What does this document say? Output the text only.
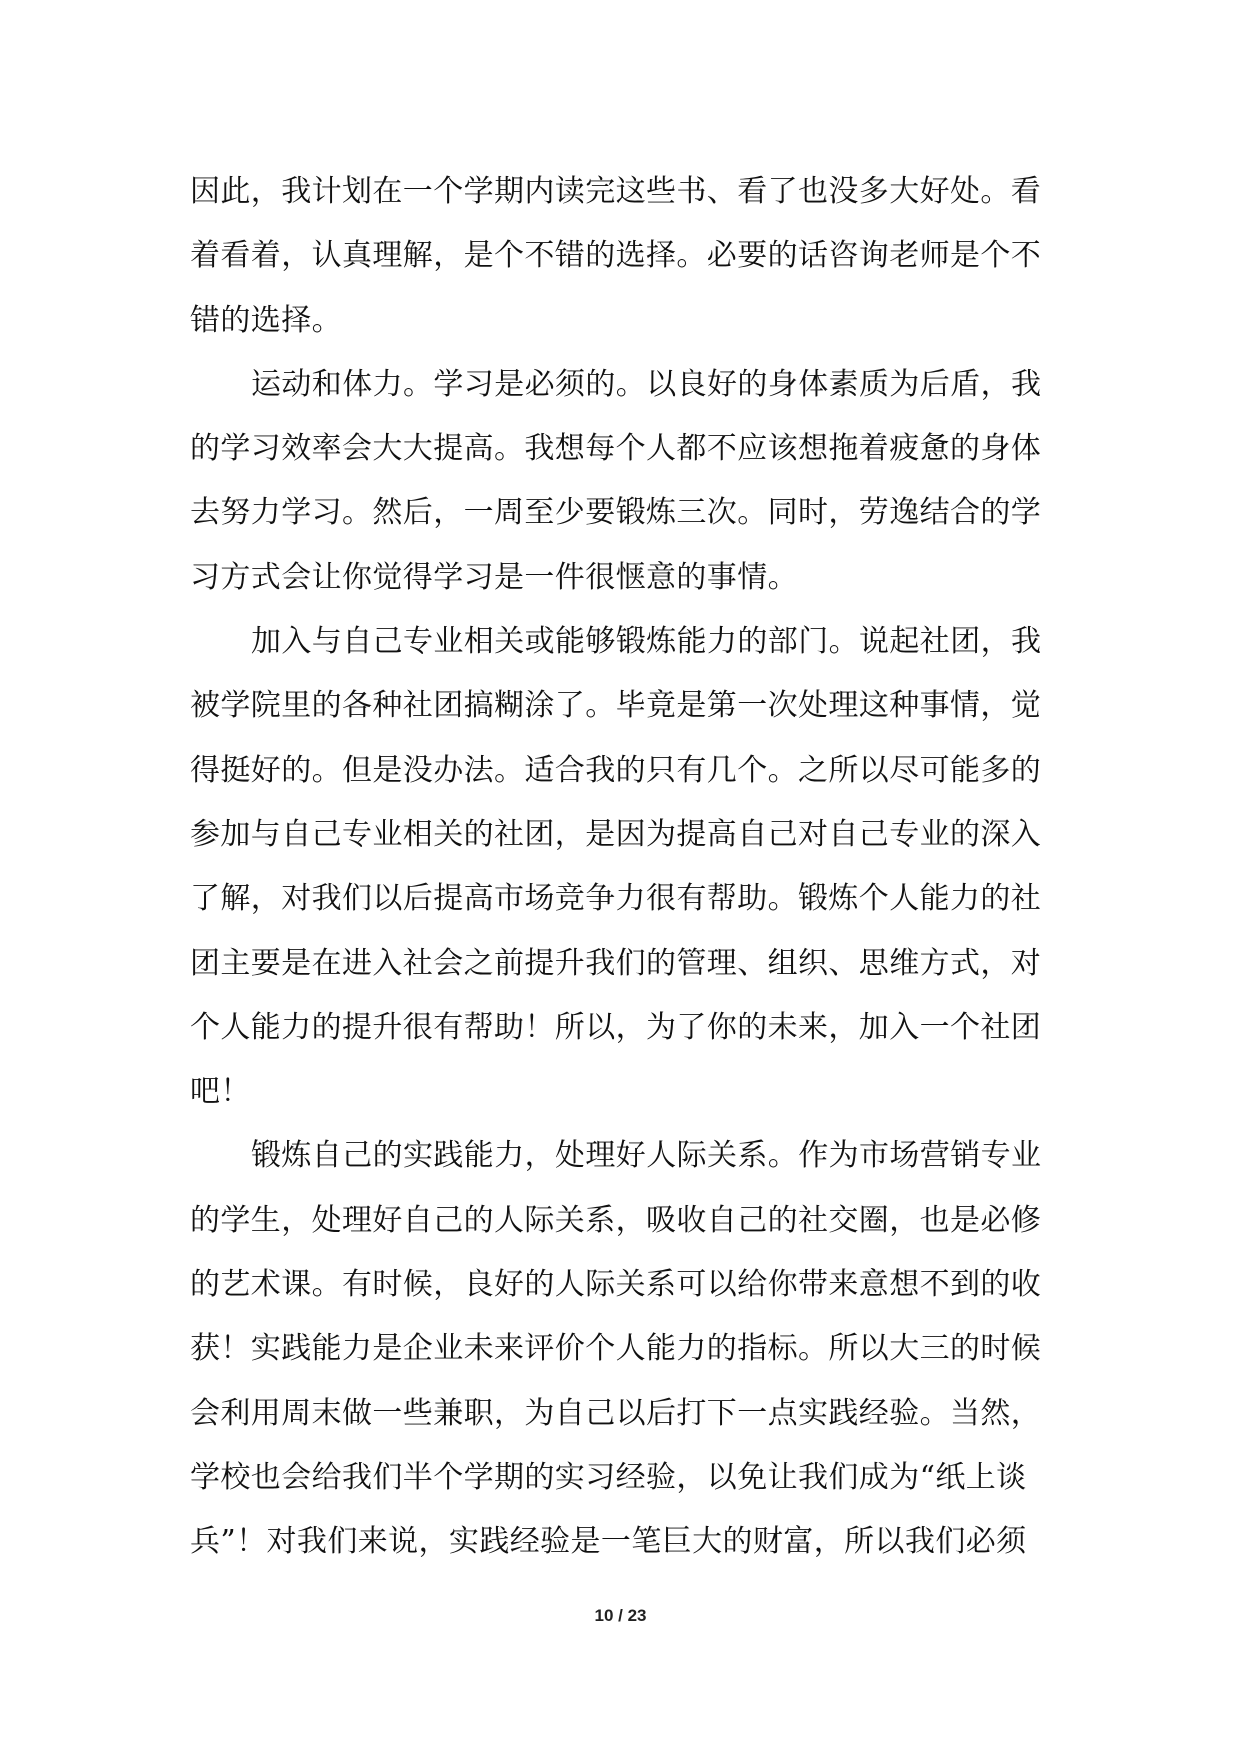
因此，我计划在一个学期内读完这些书、看了也没多大好处。看
着看着，认真理解，是个不错的选择。必要的话咨询老师是个不
错的选择。
运动和体力。学习是必须的。以良好的身体素质为后盾，我
的学习效率会大大提高。我想每个人都不应该想拖着疲惫的身体
去努力学习。然后，一周至少要锻炼三次。同时，劳逸结合的学
习方式会让你觉得学习是一件很惬意的事情。
加入与自己专业相关或能够锻炼能力的部门。说起社团，我
被学院里的各种社团搞糊涂了。毕竟是第一次处理这种事情，觉
得挺好的。但是没办法。适合我的只有几个。之所以尽可能多的
参加与自己专业相关的社团，是因为提高自己对自己专业的深入
了解，对我们以后提高市场竞争力很有帮助。锻炼个人能力的社
团主要是在进入社会之前提升我们的管理、组织、思维方式，对
个人能力的提升很有帮助！所以，为了你的未来，加入一个社团
吧！
锻炼自己的实践能力，处理好人际关系。作为市场营销专业
的学生，处理好自己的人际关系，吸收自己的社交圈，也是必修
的艺术课。有时候，良好的人际关系可以给你带来意想不到的收
获！实践能力是企业未来评价个人能力的指标。所以大三的时候
会利用周末做一些兼职，为自己以后打下一点实践经验。当然，
学校也会给我们半个学期的实习经验，以免让我们成为“纸上谈
兵”！对我们来说，实践经验是一笔巨大的财富，所以我们必须
10 / 23
